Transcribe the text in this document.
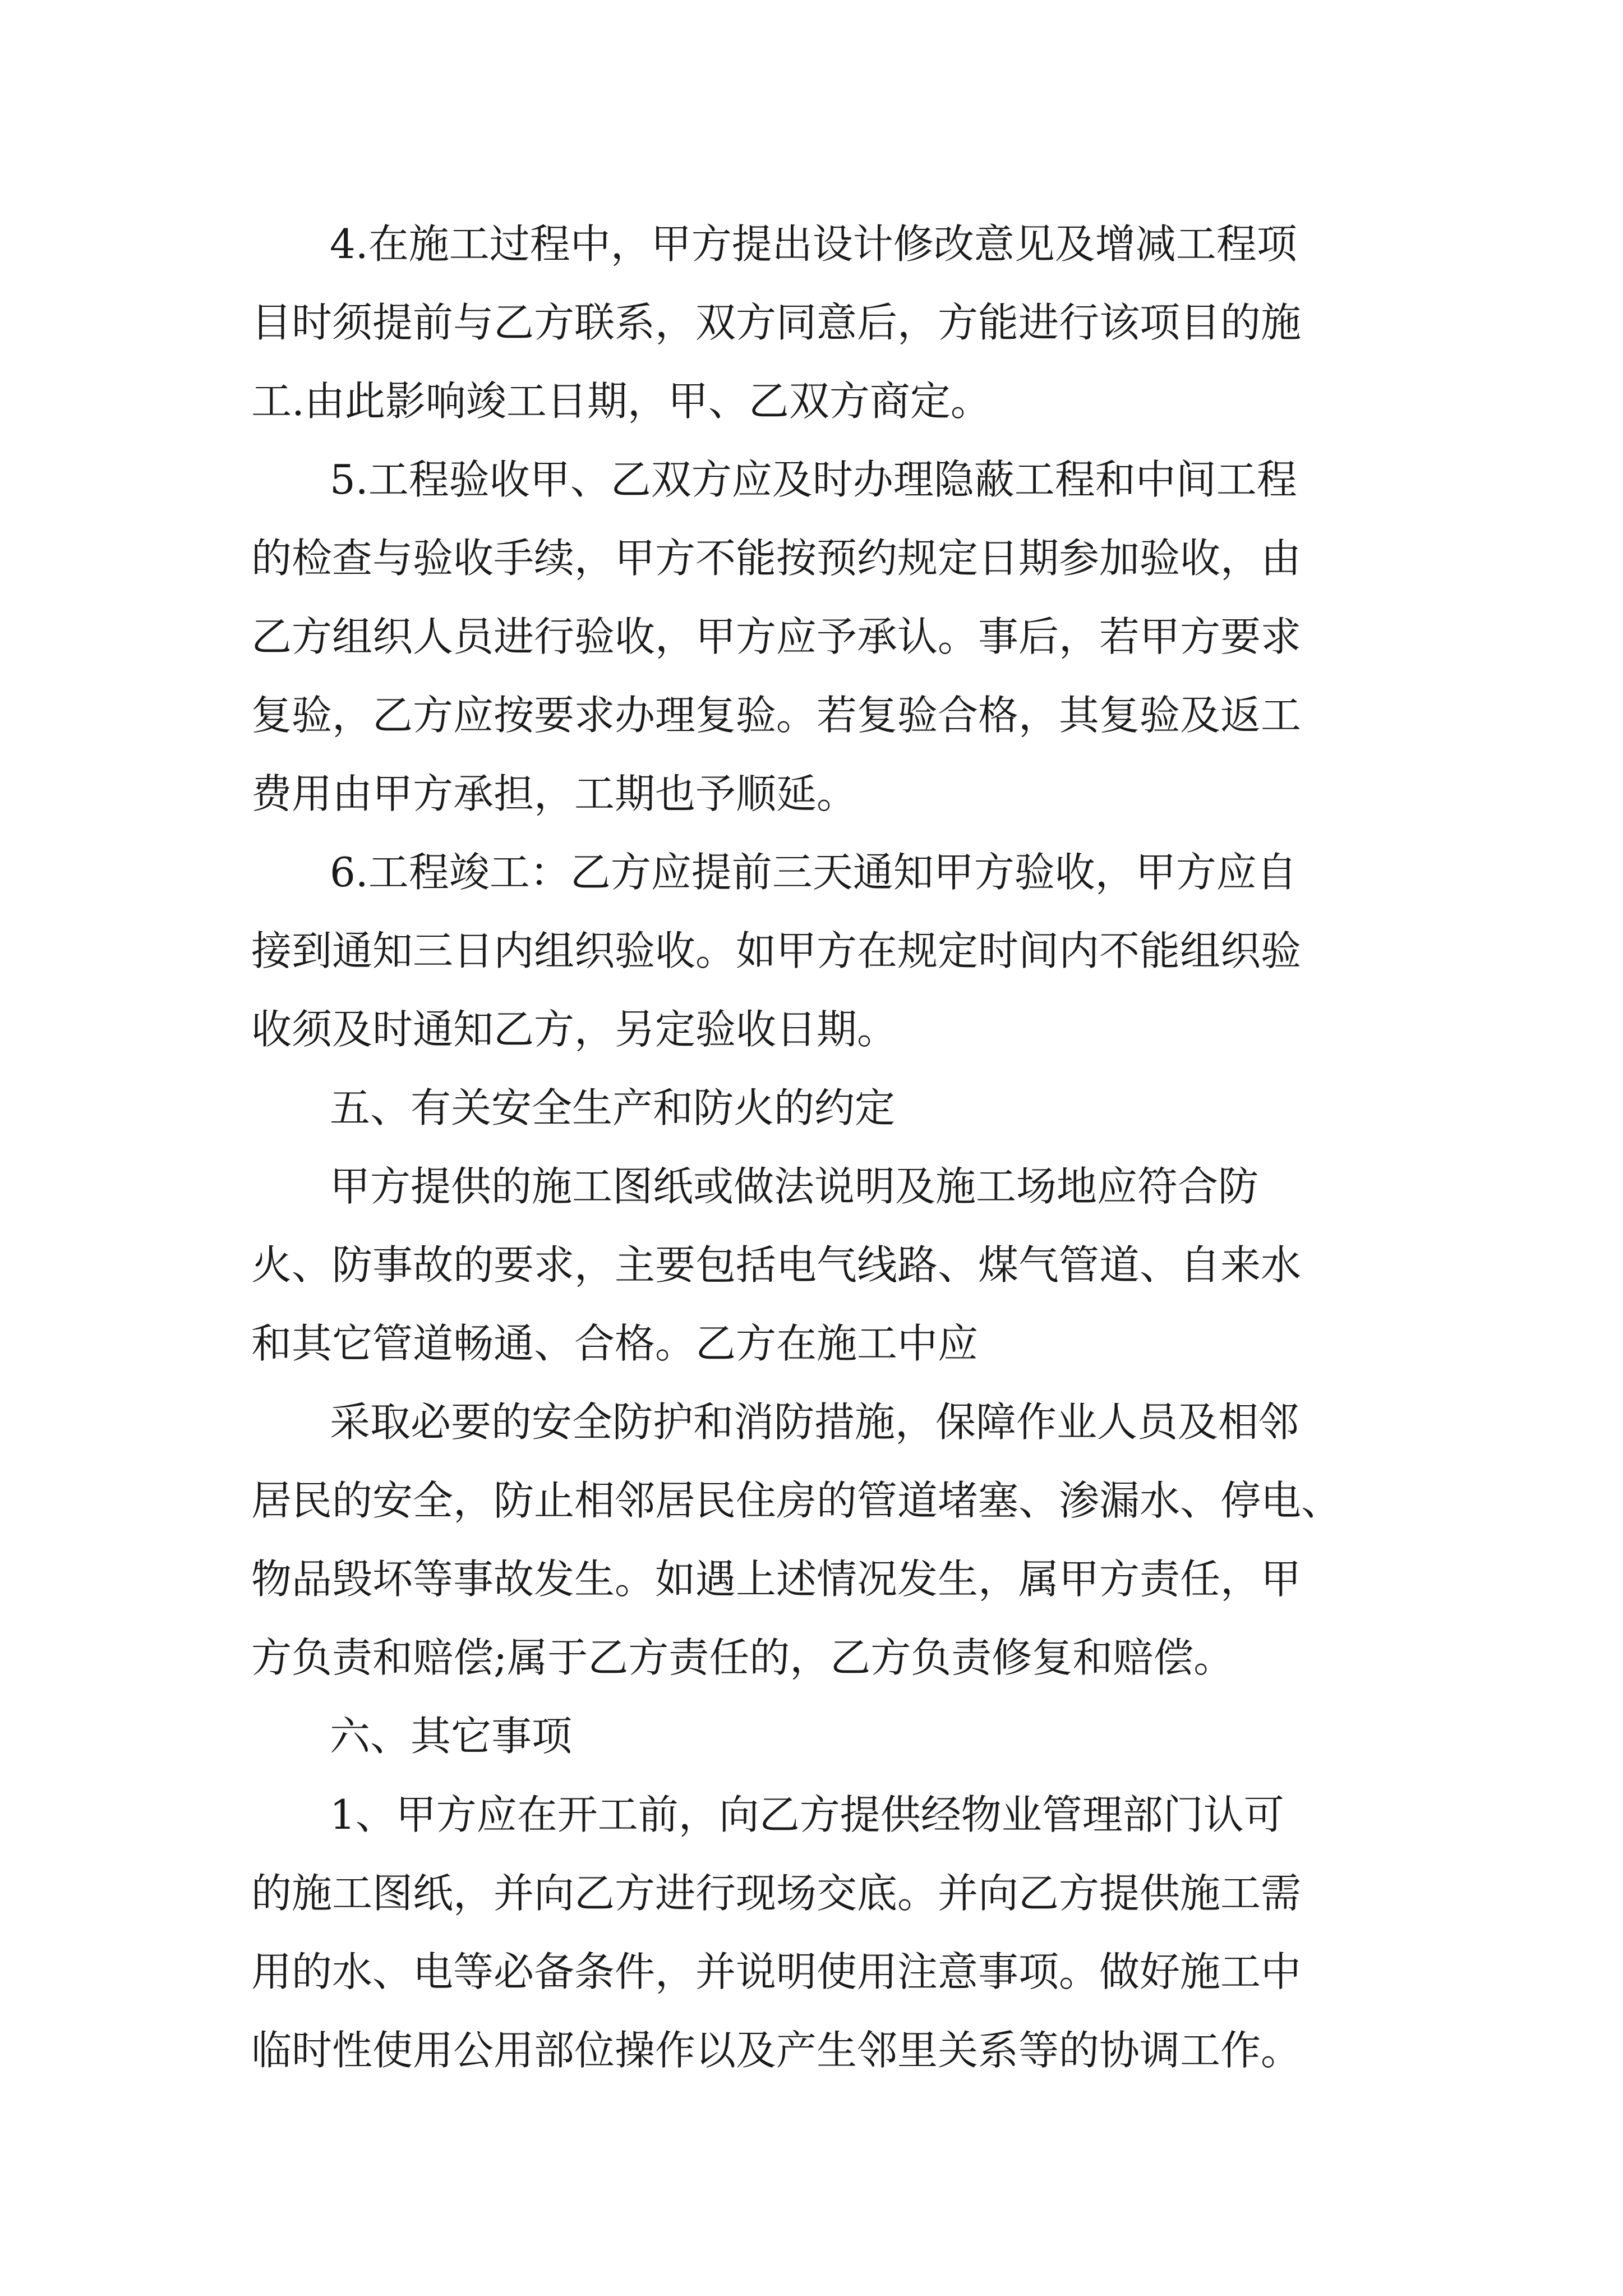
4.在施工过程中，甲方提出设计修改意见及增减工程项

目时须提前与乙方联系，双方同意后，方能进行该项目的施

工.由此影响竣工日期，甲、乙双方商定。

5.工程验收甲、乙双方应及时办理隐蔽工程和中间工程

的检查与验收手续，甲方不能按预约规定日期参加验收，由

乙方组织人员进行验收，甲方应予承认。事后，若甲方要求

复验，乙方应按要求办理复验。若复验合格，其复验及返工

费用由甲方承担，工期也予顺延。

6.工程竣工：乙方应提前三天通知甲方验收，甲方应自

接到通知三日内组织验收。如甲方在规定时间内不能组织验

收须及时通知乙方，另定验收日期。

五、有关安全生产和防火的约定

甲方提供的施工图纸或做法说明及施工场地应符合防

火、防事故的要求，主要包括电气线路、煤气管道、自来水

和其它管道畅通、合格。乙方在施工中应

采取必要的安全防护和消防措施，保障作业人员及相邻

居民的安全，防止相邻居民住房的管道堵塞、渗漏水、停电、

物品毁坏等事故发生。如遇上述情况发生，属甲方责任，甲

方负责和赔偿;属于乙方责任的，乙方负责修复和赔偿。

六、其它事项

1、甲方应在开工前，向乙方提供经物业管理部门认可

的施工图纸，并向乙方进行现场交底。并向乙方提供施工需

用的水、电等必备条件，并说明使用注意事项。做好施工中

临时性使用公用部位操作以及产生邻里关系等的协调工作。
